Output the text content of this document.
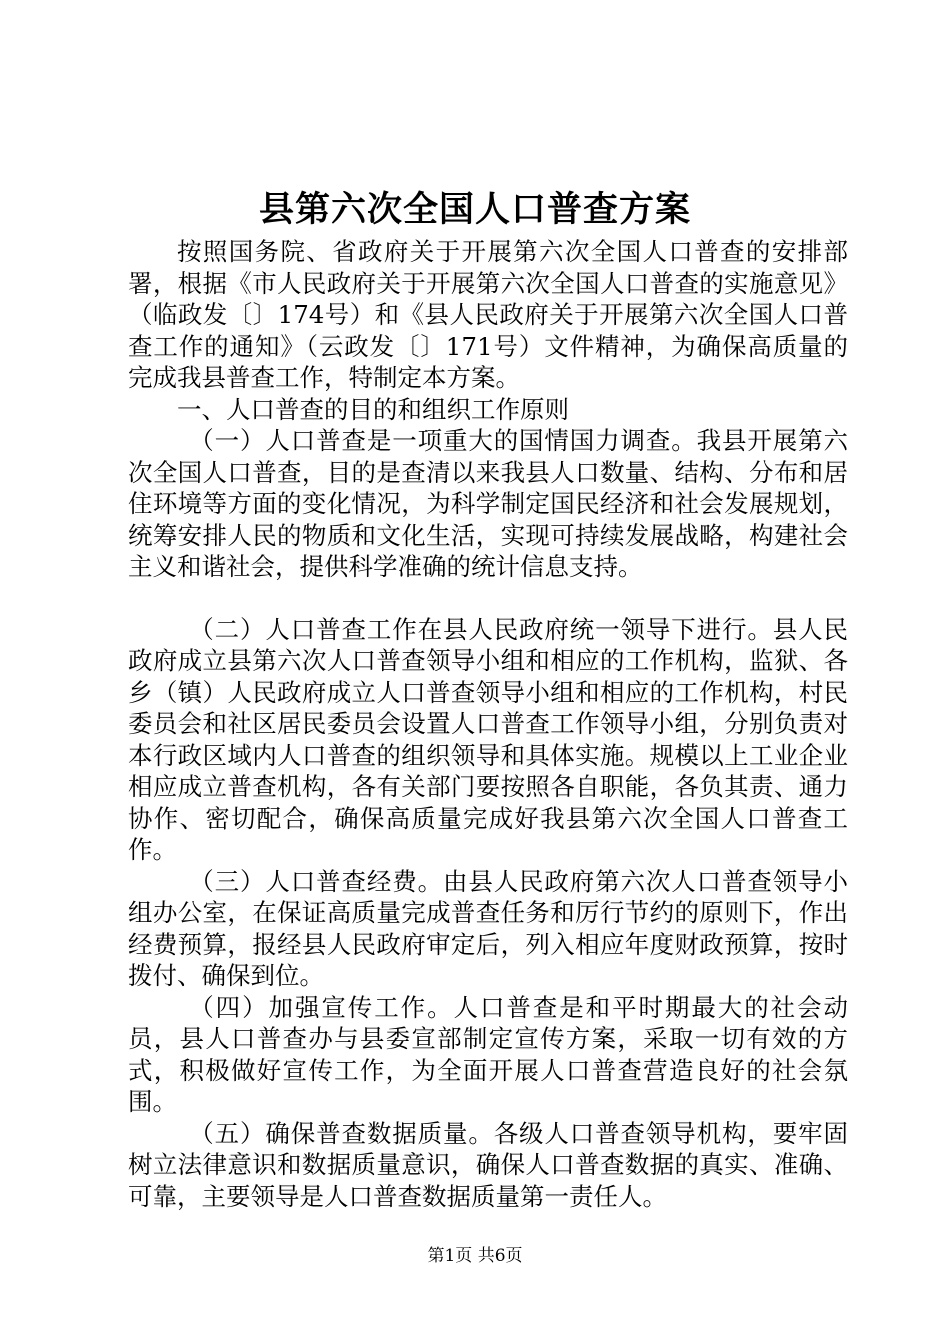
县第六次全国人口普查方案

按照国务院、省政府关于开展第六次全国人口普查的安排部署，根据《市人民政府关于开展第六次全国人口普查的实施意见》（临政发〔〕174号）和《县人民政府关于开展第六次全国人口普查工作的通知》（云政发〔〕171号）文件精神，为确保高质量的完成我县普查工作，特制定本方案。

一、人口普查的目的和组织工作原则

（一）人口普查是一项重大的国情国力调查。我县开展第六次全国人口普查，目的是查清以来我县人口数量、结构、分布和居住环境等方面的变化情况，为科学制定国民经济和社会发展规划，统筹安排人民的物质和文化生活，实现可持续发展战略，构建社会主义和谐社会，提供科学准确的统计信息支持。

（二）人口普查工作在县人民政府统一领导下进行。县人民政府成立县第六次人口普查领导小组和相应的工作机构，监狱、各乡（镇）人民政府成立人口普查领导小组和相应的工作机构，村民委员会和社区居民委员会设置人口普查工作领导小组，分别负责对本行政区域内人口普查的组织领导和具体实施。规模以上工业企业相应成立普查机构，各有关部门要按照各自职能，各负其责、通力协作、密切配合，确保高质量完成好我县第六次全国人口普查工作。

（三）人口普查经费。由县人民政府第六次人口普查领导小组办公室，在保证高质量完成普查任务和厉行节约的原则下，作出经费预算，报经县人民政府审定后，列入相应年度财政预算，按时拨付、确保到位。

（四）加强宣传工作。人口普查是和平时期最大的社会动员，县人口普查办与县委宣部制定宣传方案，采取一切有效的方式，积极做好宣传工作，为全面开展人口普查营造良好的社会氛围。

（五）确保普查数据质量。各级人口普查领导机构，要牢固树立法律意识和数据质量意识，确保人口普查数据的真实、准确、可靠，主要领导是人口普查数据质量第一责任人。

第1页 共6页
